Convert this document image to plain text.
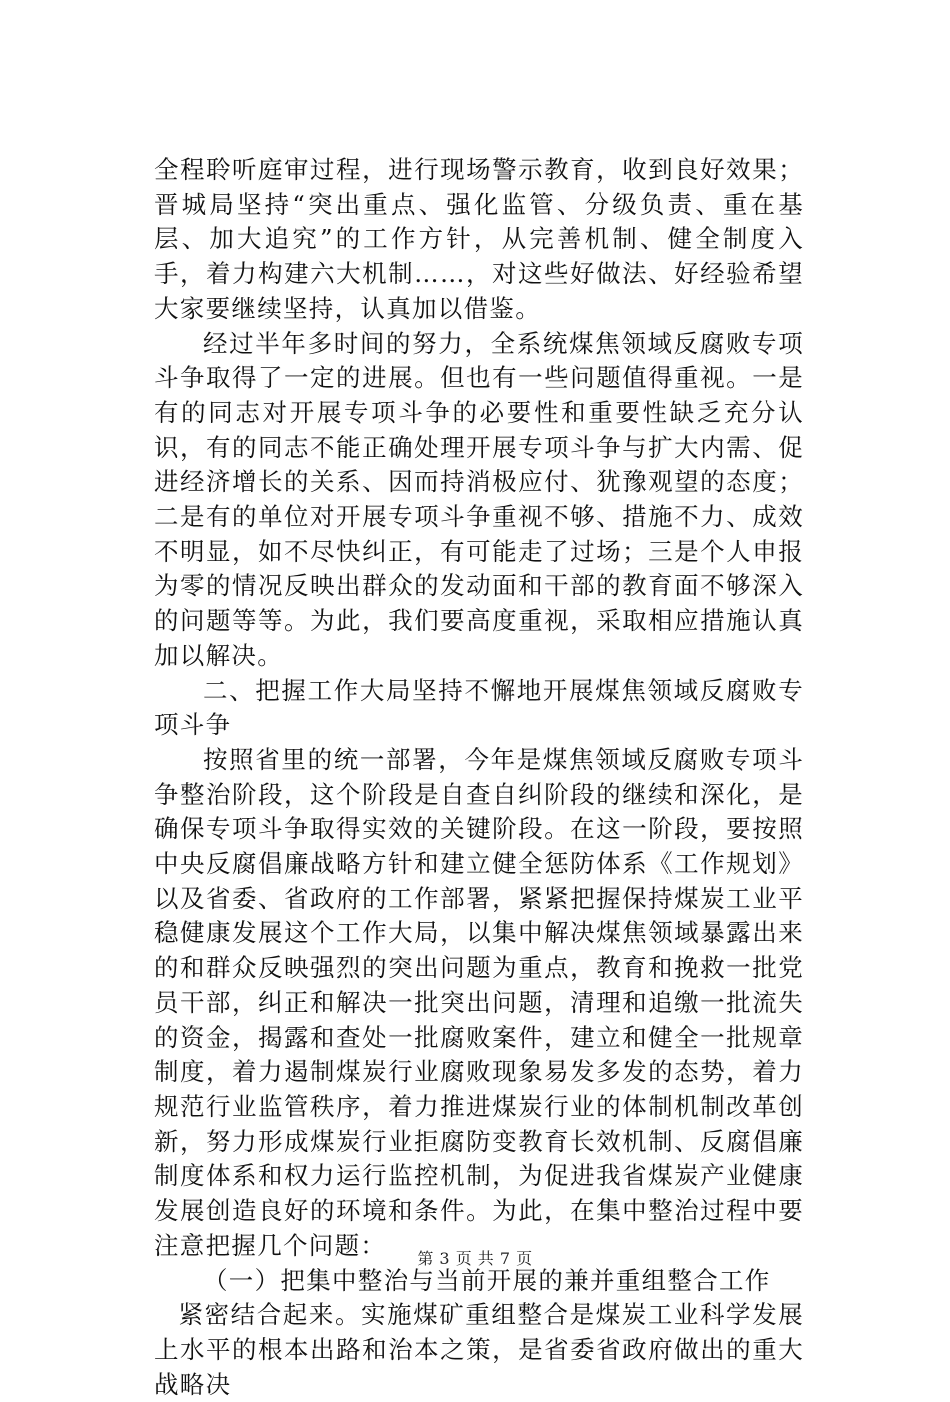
全程聆听庭审过程，进行现场警示教育，收到良好效果；晋城局坚持“突出重点、强化监管、分级负责、重在基层、加大追究”的工作方针，从完善机制、健全制度入手，着力构建六大机制……，对这些好做法、好经验希望大家要继续坚持，认真加以借鉴。

经过半年多时间的努力，全系统煤焦领域反腐败专项斗争取得了一定的进展。但也有一些问题值得重视。一是有的同志对开展专项斗争的必要性和重要性缺乏充分认识，有的同志不能正确处理开展专项斗争与扩大内需、促进经济增长的关系、因而持消极应付、犹豫观望的态度；二是有的单位对开展专项斗争重视不够、措施不力、成效不明显，如不尽快纠正，有可能走了过场；三是个人申报为零的情况反映出群众的发动面和干部的教育面不够深入的问题等等。为此，我们要高度重视，采取相应措施认真加以解决。

二、把握工作大局坚持不懈地开展煤焦领域反腐败专项斗争

按照省里的统一部署，今年是煤焦领域反腐败专项斗争整治阶段，这个阶段是自查自纠阶段的继续和深化，是确保专项斗争取得实效的关键阶段。在这一阶段，要按照中央反腐倡廉战略方针和建立健全惩防体系《工作规划》以及省委、省政府的工作部署，紧紧把握保持煤炭工业平稳健康发展这个工作大局，以集中解决煤焦领域暴露出来的和群众反映强烈的突出问题为重点，教育和挽救一批党员干部，纠正和解决一批突出问题，清理和追缴一批流失的资金，揭露和查处一批腐败案件，建立和健全一批规章制度，着力遏制煤炭行业腐败现象易发多发的态势，着力规范行业监管秩序，着力推进煤炭行业的体制机制改革创新，努力形成煤炭行业拒腐防变教育长效机制、反腐倡廉制度体系和权力运行监控机制，为促进我省煤炭产业健康发展创造良好的环境和条件。为此，在集中整治过程中要注意把握几个问题：

（一）把集中整治与当前开展的兼并重组整合工作

紧密结合起来。实施煤矿重组整合是煤炭工业科学发展上水平的根本出路和治本之策，是省委省政府做出的重大战略决

第 3 页 共 7 页
